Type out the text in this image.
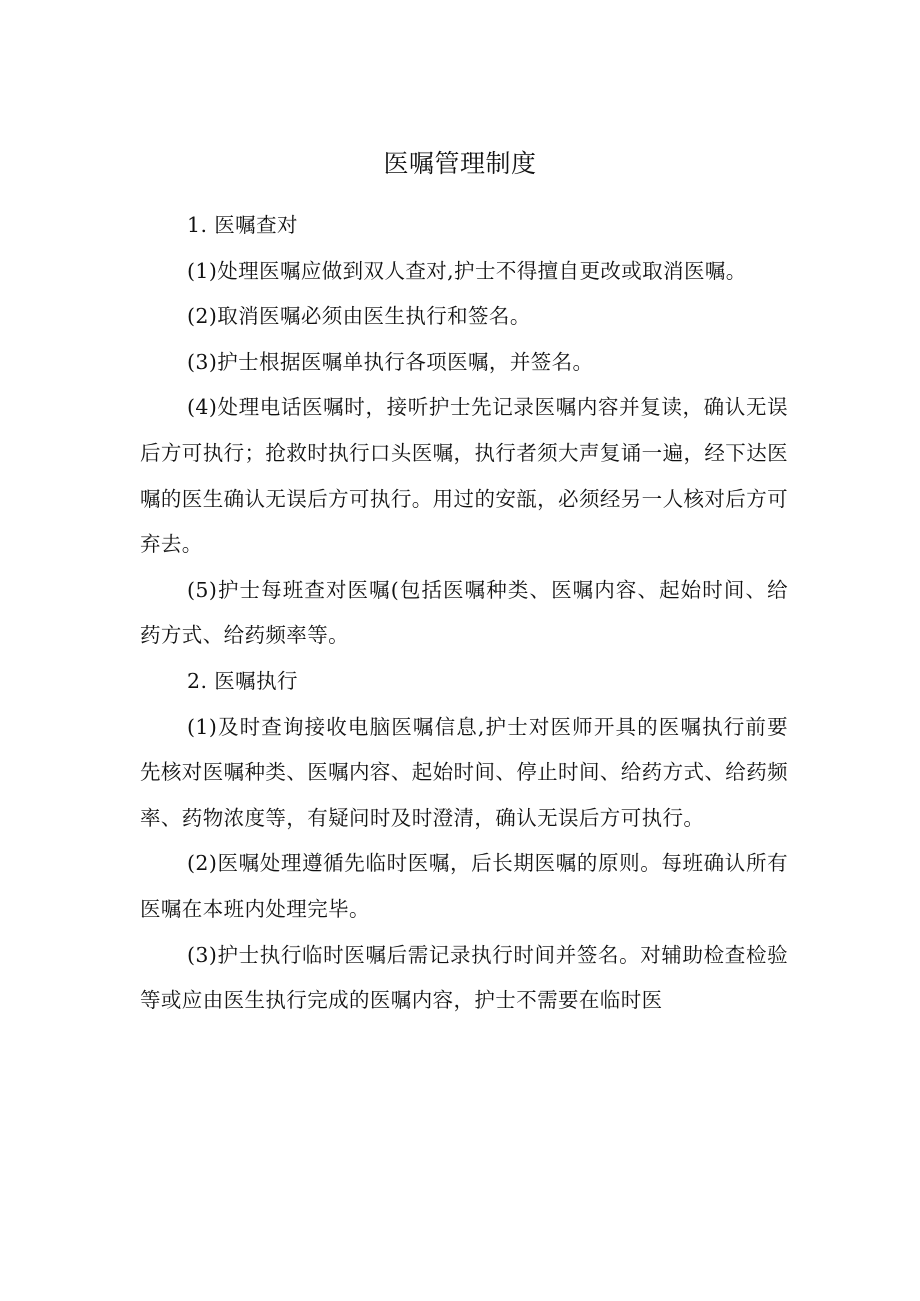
医嘱管理制度

1. 医嘱查对

(1)处理医嘱应做到双人查对,护士不得擅自更改或取消医嘱。

(2)取消医嘱必须由医生执行和签名。

(3)护士根据医嘱单执行各项医嘱，并签名。

(4)处理电话医嘱时，接听护士先记录医嘱内容并复读，确认无误后方可执行；抢救时执行口头医嘱，执行者须大声复诵一遍，经下达医嘱的医生确认无误后方可执行。用过的安瓿，必须经另一人核对后方可弃去。

(5)护士每班查对医嘱(包括医嘱种类、医嘱内容、起始时间、给药方式、给药频率等。

2. 医嘱执行

(1)及时查询接收电脑医嘱信息,护士对医师开具的医嘱执行前要先核对医嘱种类、医嘱内容、起始时间、停止时间、给药方式、给药频率、药物浓度等，有疑问时及时澄清，确认无误后方可执行。

(2)医嘱处理遵循先临时医嘱，后长期医嘱的原则。每班确认所有医嘱在本班内处理完毕。

(3)护士执行临时医嘱后需记录执行时间并签名。对辅助检查检验等或应由医生执行完成的医嘱内容，护士不需要在临时医
